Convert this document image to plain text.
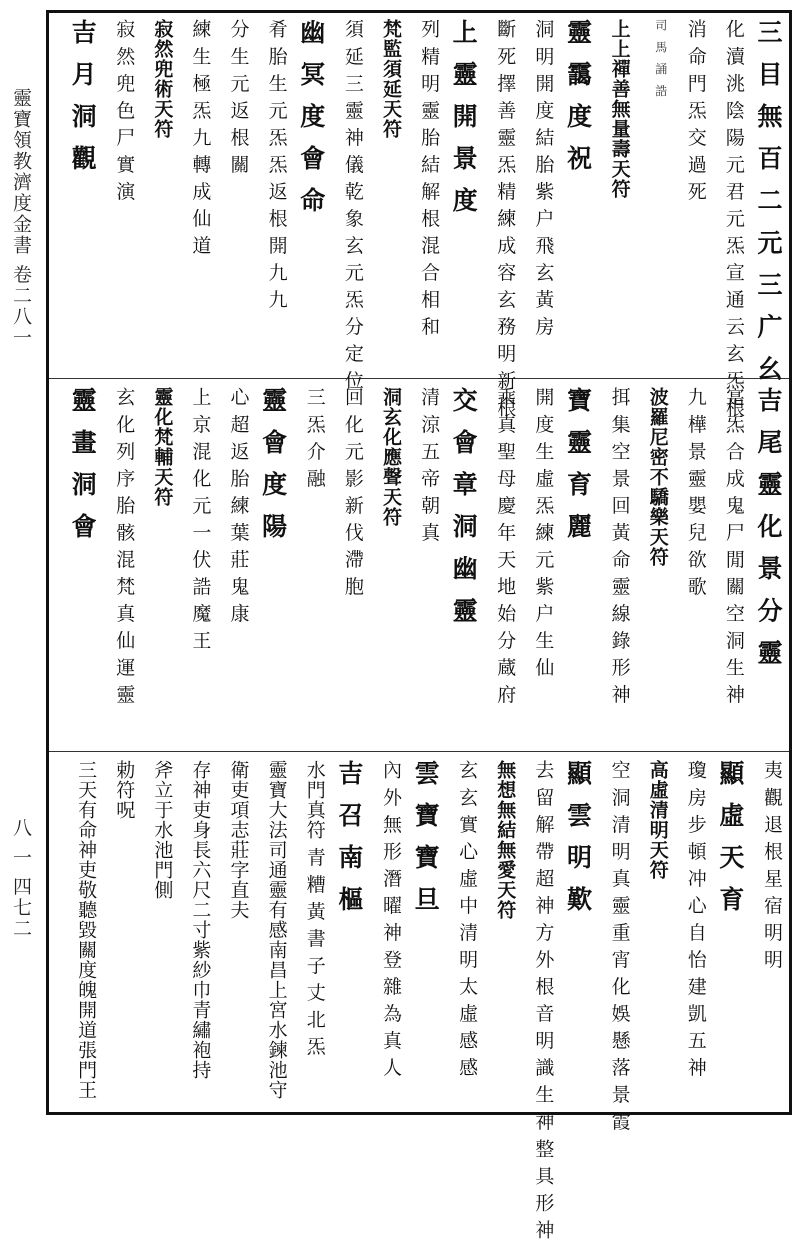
靈寶領教濟度金書 卷二八一
八 一 四七二
三 目 無 百 二 元 三 广 幺
化 瀆 洮 陰 陽 元 君 元 炁 宣 通 云 玄 炁 根
消 命 門 炁 交 過 死
司 馬 誦 誥
上上禪善無量壽天符
靈 靄 度 祝
洞 明 開 度 結 胎 紫 户 飛 玄 黃 房
斷 死 擇 善 靈 炁 精 練 成 容 玄 務 明 新 根
上 靈 開 景 度
列 精 明 靈 胎 結 解 根 混 合 相 和
梵監須延天符
須 延 三 靈 神 儀 乾 象 玄 元 炁 分 定 位
幽 冥 度 會 命
肴 胎 生 元 炁 炁 返 根 開 九 九
分 生 元 返 根 關
練 生 極 炁 九 轉 成 仙 道
寂然兜術天符
寂 然 兜 色 尸 實 演
吉 月 洞 觀
吉 尾 靈 化 景 分 靈
寔 炁 合 成 鬼 尸 閒 關 空 洞 生 神
九 樺 景 靈 嬰 兒 欲 歌
波羅尼密不驕樂天符
挕 集 空 景 回 黃 命 靈 線 錄 形 神
寶 靈 育 麗
開 度 生 虛 炁 練 元 紫 户 生 仙
乘 真 聖 母 慶 年 天 地 始 分 蔵 府
交 會 章 洞 幽 靈
清 涼 五 帝 朝 真
洞玄化應聲天符
回 化 元 影 新 伐 滯 胞
三 炁 介 融
靈 會 度 陽
心 超 返 胎 練 葉 莊 鬼 康
上 京 混 化 元 一 伏 誥 魔 王
靈化梵輔天符
玄 化 列 序 胎 骸 混 梵 真 仙 運 靈
靈 畫 洞 會
夷 觀 退 根 星 宿 明 明
顯 虛 天 育
瓊 房 步 頓 冲 心 自 怡 建 凱 五 神
高虛清明天符
空 洞 清 明 真 靈 重 宵 化 娛 懸 落 景 霞
顯 雲 明 歎
去 留 解 帶 超 神 方 外 根 音 明 識 生 神 整 具 形 神
無想無結無愛天符
玄 玄 實 心 虛 中 清 明 太 虛 感 感
雲 寶 寶 旦
內 外 無 形 潛 曜 神 登 雜 為 真 人
吉 召 南 樞
水門真符 青 糟 黃 書 子 丈 北 炁
靈寶大法司通靈有感南昌上宮水鍊池守
衛吏項志莊字直夫
存神吏身長六尺二寸紫紗巾青繡袍持
斧立于水池門側
勅符呪
三天有命神吏敬聽毀關度魄開道張門王
